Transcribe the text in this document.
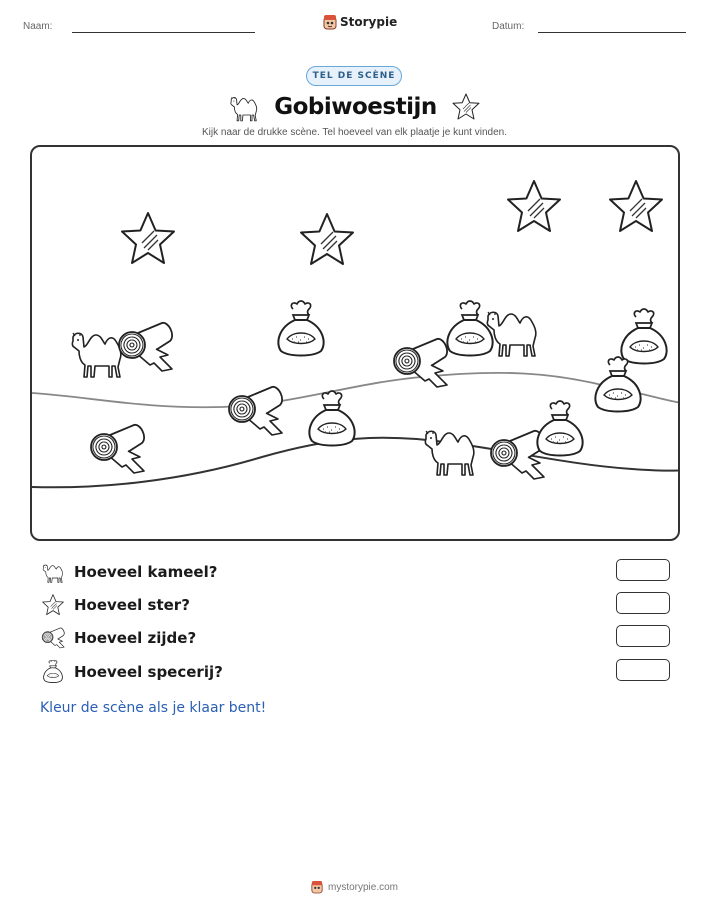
Naam:	Storypie	Datum:
TEL DE SCÈNE
Gobiwoestijn
Kijk naar de drukke scène. Tel hoeveel van elk plaatje je kunt vinden.
Hoeveel kameel?
Hoeveel ster?
Hoeveel zijde?
Hoeveel specerij?
Kleur de scène als je klaar bent!
mystorypie.com
